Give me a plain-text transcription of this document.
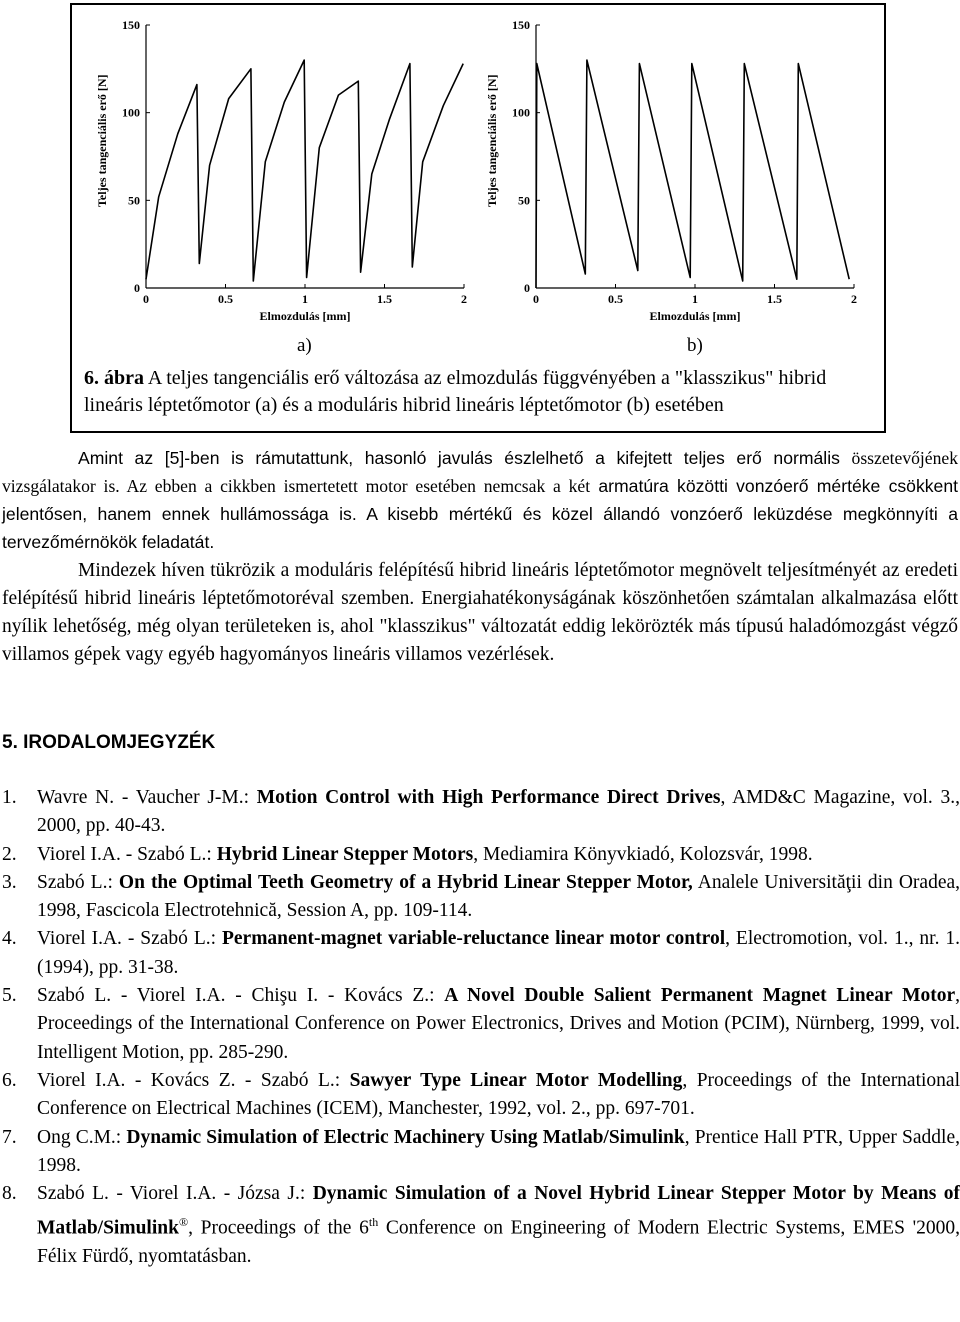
0	0.5	1	1.5	2
0
50
100
150
Elmozdulás [mm]
Teljes tangenciális erő [N]
0	0.5	1	1.5	2
0
50
100
150
Elmozdulás [mm]
Teljes tangenciális erő [N]
a)	b)
6. ábra A teljes tangenciális erő változása az elmozdulás függvényében a "klasszikus" hibrid lineáris léptetőmotor (a) és a moduláris hibrid lineáris léptetőmotor (b) esetében
Amint az [5]-ben is rámutattunk, hasonló javulás észlelhető a kifejtett teljes erő normális összetevőjének vizsgálatakor is. Az ebben a cikkben ismertetett motor esetében nemcsak a két armatúra közötti vonzóerő mértéke csökkent jelentősen, hanem ennek hullámossága is. A kisebb mértékű és közel állandó vonzóerő leküzdése megkönnyíti a tervezőmérnökök feladatát.
Mindezek híven tükrözik a moduláris felépítésű hibrid lineáris léptetőmotor megnövelt teljesítményét az eredeti felépítésű hibrid lineáris léptetőmotoréval szemben. Energiahatékonyságának köszönhetően számtalan alkalmazása előtt nyílik lehetőség, még olyan területeken is, ahol "klasszikus" változatát eddig lekörözték más típusú haladómozgást végző villamos gépek vagy egyéb hagyományos lineáris villamos vezérlések.
5. IRODALOMJEGYZÉK
1. Wavre N. - Vaucher J-M.: Motion Control with High Performance Direct Drives, AMD&C Magazine, vol. 3., 2000, pp. 40-43.
2. Viorel I.A. - Szabó L.: Hybrid Linear Stepper Motors, Mediamira Könyvkiadó, Kolozsvár, 1998.
3. Szabó L.: On the Optimal Teeth Geometry of a Hybrid Linear Stepper Motor, Analele Universităţii din Oradea, 1998, Fascicola Electrotehnică, Session A, pp. 109-114.
4. Viorel I.A. - Szabó L.: Permanent-magnet variable-reluctance linear motor control, Electromotion, vol. 1., nr. 1. (1994), pp. 31-38.
5. Szabó L. - Viorel I.A. - Chişu I. - Kovács Z.: A Novel Double Salient Permanent Magnet Linear Motor, Proceedings of the International Conference on Power Electronics, Drives and Motion (PCIM), Nürnberg, 1999, vol. Intelligent Motion, pp. 285-290.
6. Viorel I.A. - Kovács Z. - Szabó L.: Sawyer Type Linear Motor Modelling, Proceedings of the International Conference on Electrical Machines (ICEM), Manchester, 1992, vol. 2., pp. 697-701.
7. Ong C.M.: Dynamic Simulation of Electric Machinery Using Matlab/Simulink, Prentice Hall PTR, Upper Saddle, 1998.
8. Szabó L. - Viorel I.A. - Józsa J.: Dynamic Simulation of a Novel Hybrid Linear Stepper Motor by Means of Matlab/Simulink®, Proceedings of the 6th Conference on Engineering of Modern Electric Systems, EMES '2000, Félix Fürdő, nyomtatásban.
